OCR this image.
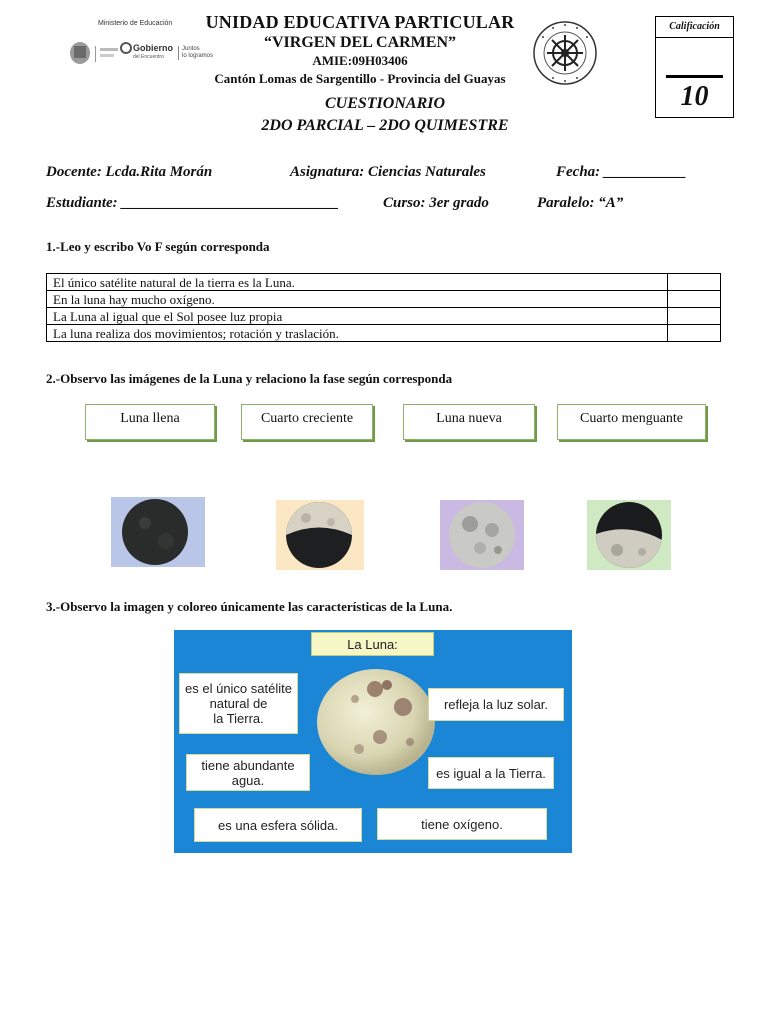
Ministerio de Educación
Gobierno
del Encuentro
Juntos
lo logramos
UNIDAD EDUCATIVA PARTICULAR
“VIRGEN DEL CARMEN”
AMIE:09H03406
Cantón Lomas de Sargentillo - Provincia del Guayas
Calificación
10
CUESTIONARIO
2DO PARCIAL – 2DO QUIMESTRE
Docente: Lcda.Rita Morán	Asignatura: Ciencias Naturales	Fecha: ___________
Estudiante: _____________________________	Curso: 3er grado	Paralelo: “A”
1.-Leo y escribo Vo F según corresponda
El único satélite natural de la tierra es la Luna.	
En la luna hay mucho oxígeno.	
La Luna al igual que el Sol posee luz propia	
La luna realiza dos movimientos; rotación y traslación.	
2.-Observo las imágenes de la Luna y relaciono la fase según corresponda
Luna llena	Cuarto creciente	Luna nueva	Cuarto menguante
3.-Observo la imagen y coloreo únicamente las características de la Luna.
La Luna:
es el único satélite
natural de
la Tierra.
refleja la luz solar.
tiene abundante
agua.	es igual a la Tierra.
es una esfera sólida.	tiene oxígeno.
